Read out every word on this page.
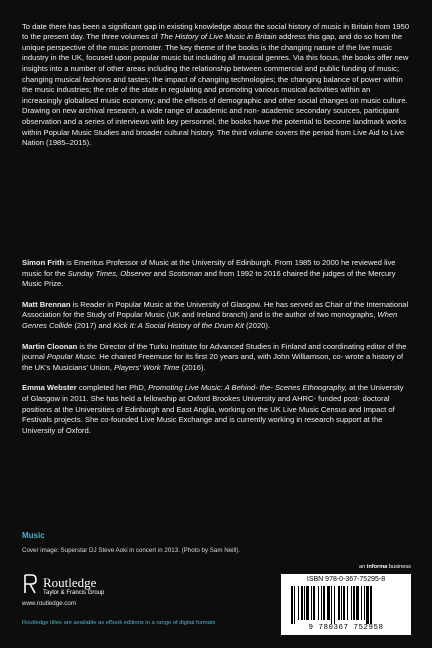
To date there has been a significant gap in existing knowledge about the social history of music in Britain from 1950 to the present day. The three volumes of The History of Live Music in Britain address this gap, and do so from the unique perspective of the music promoter. The key theme of the books is the changing nature of the live music industry in the UK, focused upon popular music but including all musical genres. Via this focus, the books offer new insights into a number of other areas including the relationship between commercial and public funding of music; changing musical fashions and tastes; the impact of changing technologies; the changing balance of power within the music industries; the role of the state in regulating and promoting various musical activities within an increasingly globalised music economy; and the effects of demographic and other social changes on music culture. Drawing on new archival research, a wide range of academic and non- academic secondary sources, participant observation and a series of interviews with key personnel, the books have the potential to become landmark works within Popular Music Studies and broader cultural history. The third volume covers the period from Live Aid to Live Nation (1985–2015).

Simon Frith is Emeritus Professor of Music at the University of Edinburgh. From 1985 to 2000 he reviewed live music for the Sunday Times, Observer and Scotsman and from 1992 to 2016 chaired the judges of the Mercury Music Prize.

Matt Brennan is Reader in Popular Music at the University of Glasgow. He has served as Chair of the International Association for the Study of Popular Music (UK and Ireland branch) and is the author of two monographs, When Genres Collide (2017) and Kick It: A Social History of the Drum Kit (2020).

Martin Cloonan is the Director of the Turku Institute for Advanced Studies in Finland and coordinating editor of the journal Popular Music. He chaired Freemuse for its first 20 years and, with John Williamson, co- wrote a history of the UK's Musicians' Union, Players' Work Time (2016).

Emma Webster completed her PhD, Promoting Live Music: A Behind- the- Scenes Ethnography, at the University of Glasgow in 2011. She has held a fellowship at Oxford Brookes University and AHRC- funded post- doctoral positions at the Universities of Edinburgh and East Anglia, working on the UK Live Music Census and Impact of Festivals projects. She co-founded Live Music Exchange and is currently working in research support at the University of Oxford.

Music
Cover image: Superstar DJ Steve Aoki in concert in 2013. (Photo by Sam Neill).
Routledge
Taylor & Francis Group
www.routledge.com
Routledge titles are available as eBook editions in a range of digital formats
an informa business
ISBN 978-0-367-75295-8
9 780367 752958
